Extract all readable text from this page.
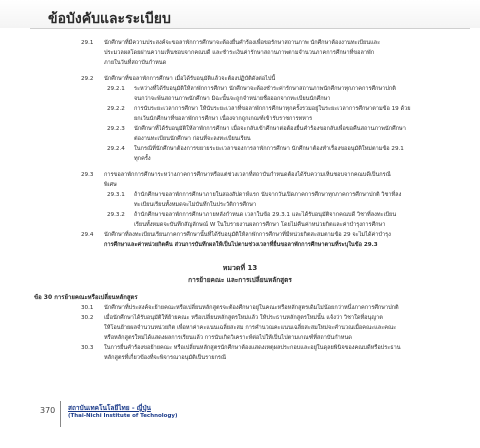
ข้อบังคับและระเบียบ
29.1	นักศึกษาที่มีความประสงค์จะขอลาพักการศึกษาจะต้องยื่นคำร้องเพื่อขอรักษาสถานภาพ นักศึกษาต้องงานทะเบียนและ
ประมวลผลโดยผ่านความเห็นชอบจากคณบดี และชำระเงินค่ารักษาสถานภาพตามจำนวนภาคการศึกษาที่ขอลาพัก
ภายในวันที่สถาบันกำหนด
29.2	นักศึกษาที่ขอลาพักการศึกษา เมื่อได้รับอนุมัติแล้วจะต้องปฏิบัติดังต่อไปนี้
29.2.1	ระหว่างที่ได้รับอนุมัติให้ลาพักการศึกษา นักศึกษาจะต้องชำระค่ารักษาสถานภาพนักศึกษาทุกภาคการศึกษาปกติ
จนกว่าจะพ้นสถานภาพนักศึกษา มิฉะนั้นจะถูกจำหน่ายชื่อออกจากทะเบียนนักศึกษา
29.2.2	การนับระยะเวลาการศึกษา ให้นับระยะเวลาที่ขอลาพักการศึกษาทุกครั้งรวมอยู่ในระยะเวลาการศึกษาตามข้อ 19 ด้วย
ยกเว้นนักศึกษาที่ขอลาพักการศึกษา เนื่องจากถูกเกณฑ์เข้ารับราชการทหาร
29.2.3	นักศึกษาที่ได้รับอนุมัติให้ลาพักการศึกษา เมื่อจะกลับเข้าศึกษาต่อต้องยื่นคำร้องขอกลับเพื่อขอคืนสถานภาพนักศึกษา
ต่องานทะเบียนนักศึกษา ก่อนที่จะลงทะเบียนเรียน
29.2.4	ในกรณีที่นักศึกษาต้องการขยายระยะเวลาของการลาพักการศึกษา นักศึกษาต้องทำเรื่องขออนุมัติใหม่ตามข้อ 29.1
ทุกครั้ง
29.3	การขอลาพักการศึกษาระหว่างภาคการศึกษาหรือแต่ช่วงเวลาที่สถาบันกำหนดต้องได้รับความเห็นชอบจากคณบดีเป็นกรณี
พิเศษ
29.3.1	ถ้านักศึกษาขอลาพักการศึกษาภายในสองสัปดาห์แรก นับจากวันเปิดภาคการศึกษาทุกภาคการศึกษาปกติ วิชาที่ลง
ทะเบียนเรียนทั้งหมดจะไม่บันทึกในประวัติการศึกษา
29.3.2	ถ้านักศึกษาขอลาพักการศึกษาภายหลังกำหนด เวลาในข้อ 29.3.1 และได้รับอนุมัติจากคณบดี วิชาที่ลงทะเบียน
เรียนทั้งหมดจะบันทึกสัญลักษณ์ W ในใบรายงานผลการศึกษา โดยไม่คืนค่าหน่วยกิตและค่าบำรุงการศึกษา
29.4	นักศึกษาที่ลงทะเบียนเรียนภาคการศึกษานั้นที่ได้รับอนุมัติให้ลาพักการศึกษาที่มีหน่วยกิตสะสมตามข้อ 29 จะไม่ได้ค่าบำรุง
การศึกษาและค่าหน่วยกิตคืน ส่วนการบันทึกผลให้เป็นไปตามช่วงเวลาที่ยื่นขอลาพักการศึกษาตามที่ระบุในข้อ 29.3
หมวดที่ 13
การย้ายคณะ และการเปลี่ยนหลักสูตร
ข้อ 30 การย้ายคณะหรือเปลี่ยนหลักสูตร
30.1	นักศึกษาที่ประสงค์จะย้ายคณะหรือเปลี่ยนหลักสูตรจะต้องศึกษาอยู่ในคณะหรือหลักสูตรเดิมไม่น้อยกว่าหนึ่งภาคการศึกษาปกติ
30.2	เมื่อนักศึกษาได้รับอนุมัติให้ย้ายคณะ หรือเปลี่ยนหลักสูตรใหม่แล้ว ให้ประธานหลักสูตรใหม่นั้น แจ้งว่า วิชาใดที่อนุญาต
ให้โอนย้ายผลจำนวนหน่วยกิต เพื่อหาค่าคะแนนเฉลี่ยสะสม การคำนวณคะแนนเฉลี่ยสะสมใหม่จะคำนวณเมื่อคณะและคณะ
หรือหลักสูตรใหม่ได้แสดงผลการเรียนแล้ว การนับเกิดวิเคราะห์ต่อไปให้เป็นไปตามเกณฑ์ที่สถาบันกำหนด
30.3	ในการยื่นคำร้องขอย้ายคณะ หรือเปลี่ยนหลักสูตรนักศึกษาต้องแสดงเหตุผลประกอบและอยู่ในดุลยพินิจของคณบดีหรือประธาน
หลักสูตรที่เกี่ยวข้องที่จะพิจารณาอนุมัติเป็นรายกรณี
370 สถาบันเทคโนโลยีไทย - ญี่ปุ่น
(Thai-Nichi Institute of Technology)
